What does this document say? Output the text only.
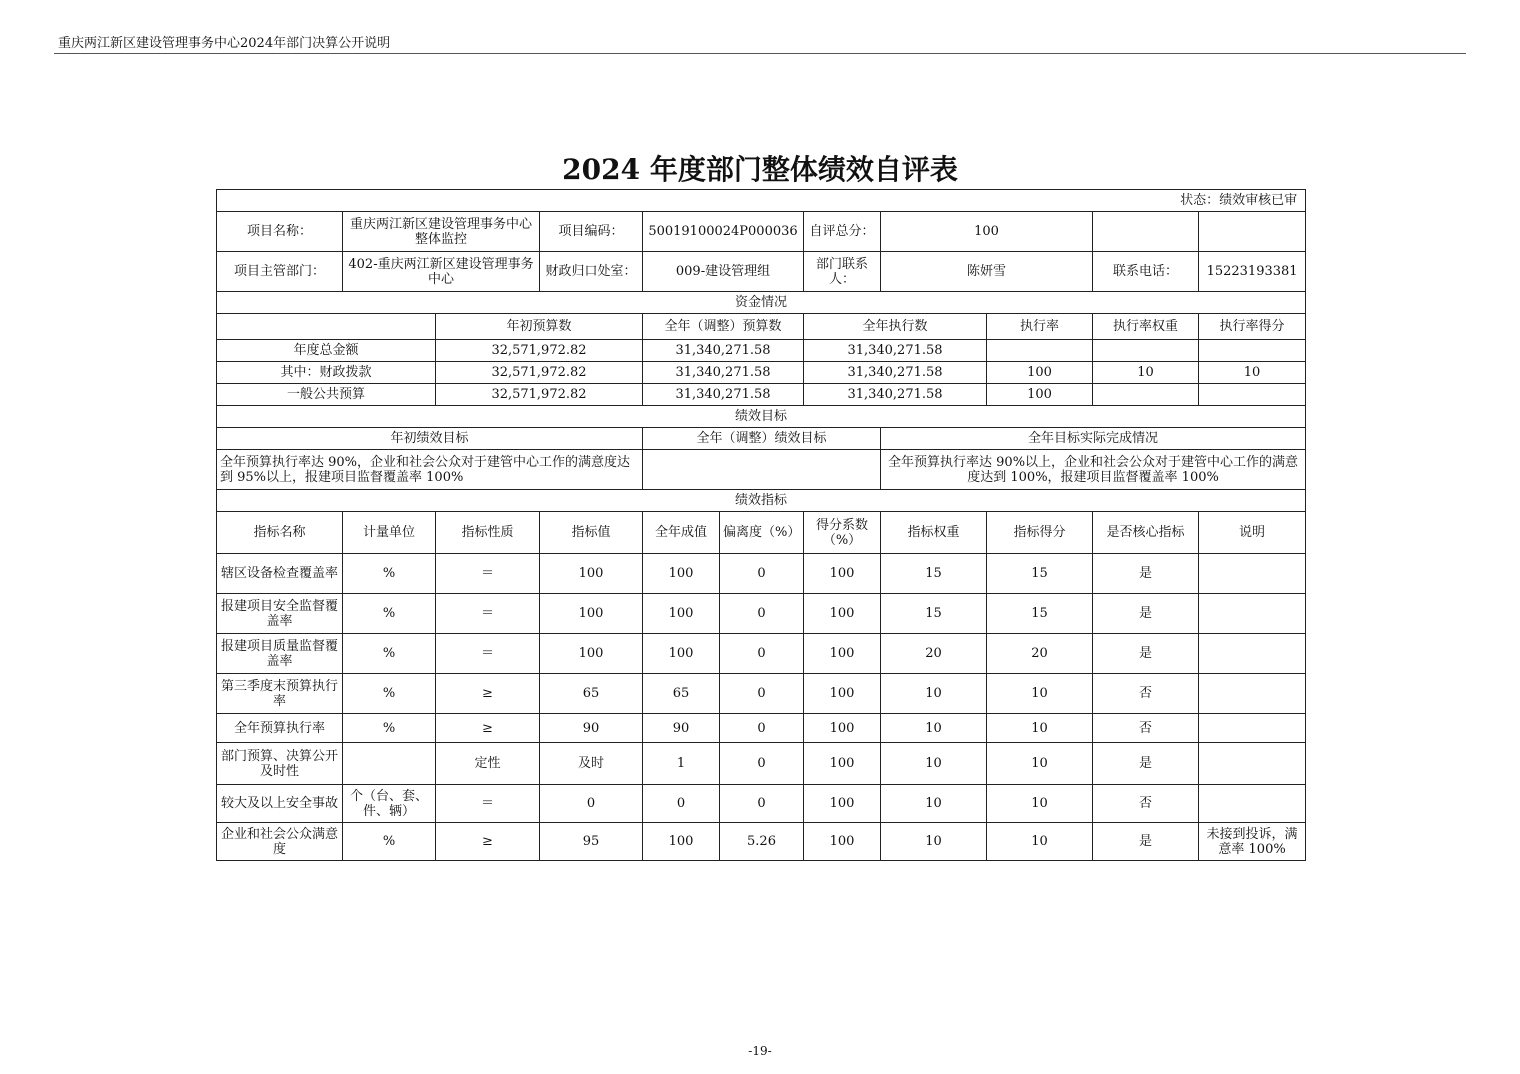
重庆两江新区建设管理事务中心2024年部门决算公开说明
2024 年度部门整体绩效自评表
状态：绩效审核已审										
项目名称：	重庆两江新区建设管理事务中心整体监控		项目编码：	50019100024P000036		自评总分：	100			
项目主管部门：	402-重庆两江新区建设管理事务中心		财政归口处室：	009-建设管理组		部门联系人：	陈妍雪		联系电话：	15223193381
资金情况										
		年初预算数		全年（调整）预算数		全年执行数		执行率	执行率权重	执行率得分
年度总金额		32,571,972.82		31,340,271.58		31,340,271.58				
其中：财政拨款		32,571,972.82		31,340,271.58		31,340,271.58		100	10	10
一般公共预算		32,571,972.82		31,340,271.58		31,340,271.58		100		
绩效目标										
年初绩效目标				全年（调整）绩效目标			全年目标实际完成情况			
全年预算执行率达 90%，企业和社会公众对于建管中心工作的满意度达到 95%以上，报建项目监督覆盖率 100%							全年预算执行率达 90%以上，企业和社会公众对于建管中心工作的满意度达到 100%，报建项目监督覆盖率 100%			
绩效指标										
指标名称	计量单位	指标性质	指标值	全年成值	偏离度（%）	得分系数（%）	指标权重	指标得分	是否核心指标	说明
辖区设备检查覆盖率	%	＝	100	100	0	100	15	15	是	
报建项目安全监督覆盖率	%	＝	100	100	0	100	15	15	是	
报建项目质量监督覆盖率	%	＝	100	100	0	100	20	20	是	
第三季度末预算执行率	%	≥	65	65	0	100	10	10	否	
全年预算执行率	%	≥	90	90	0	100	10	10	否	
部门预算、决算公开及时性		定性	及时	1	0	100	10	10	是	
较大及以上安全事故	个（台、套、件、辆）	＝	0	0	0	100	10	10	否	
企业和社会公众满意度	%	≥	95	100	5.26	100	10	10	是	未接到投诉，满意率 100%
-19-
